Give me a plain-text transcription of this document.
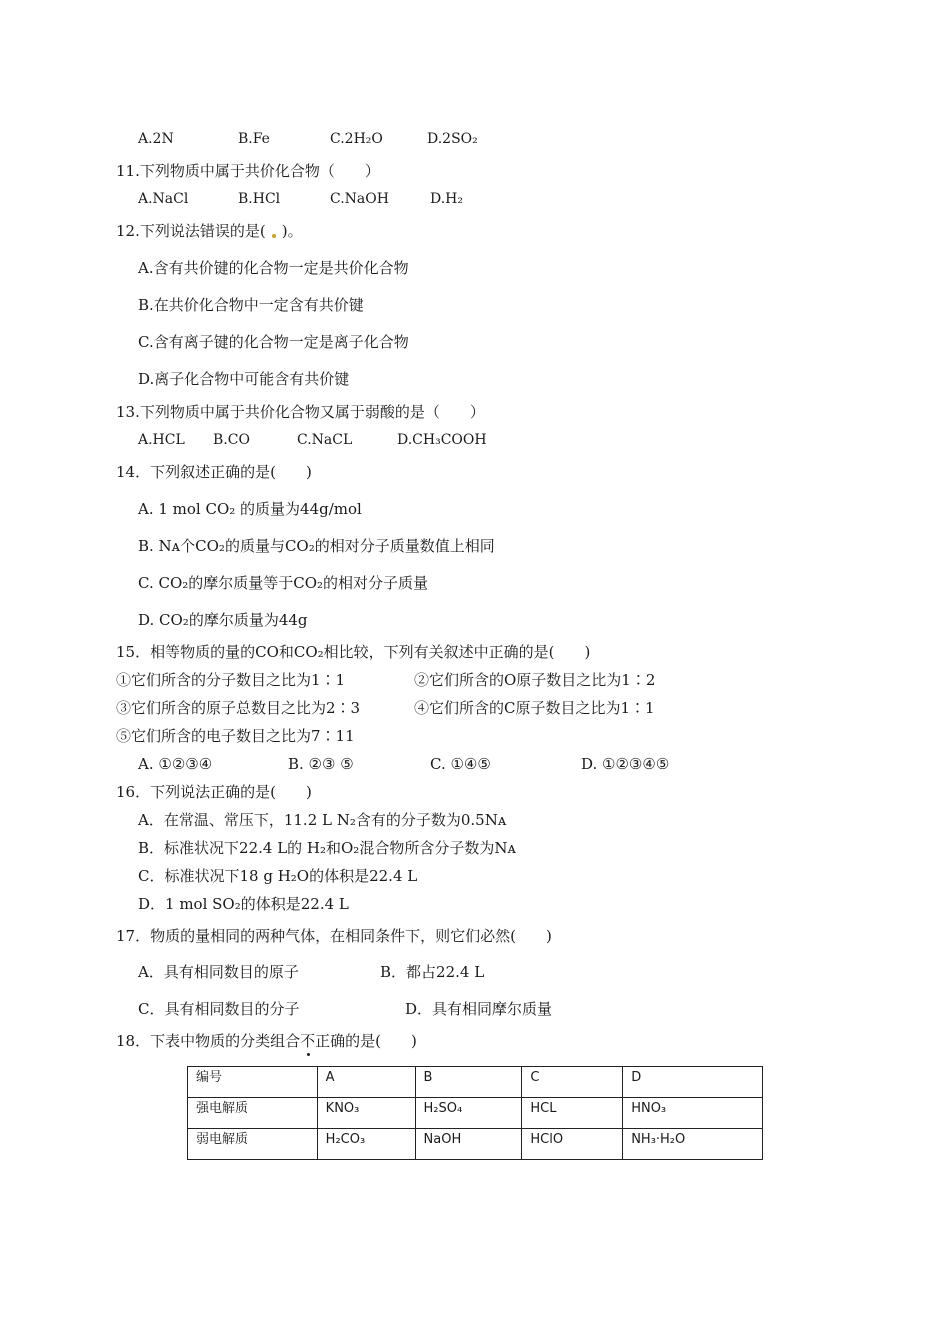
A.2N	B.Fe	C.2H₂O	D.2SO₂
11.下列物质中属于共价化合物（　　）
A.NaCl	B.HCl	C.NaOH	D.H₂
12.下列说法错误的是( )。
A.含有共价键的化合物一定是共价化合物
B.在共价化合物中一定含有共价键
C.含有离子键的化合物一定是离子化合物
D.离子化合物中可能含有共价键
13.下列物质中属于共价化合物又属于弱酸的是（　　）
A.HCL B.CO	C.NaCL	D.CH₃COOH
14．下列叙述正确的是(　　)
A. 1 mol CO₂ 的质量为44g/mol
B. Nᴀ个CO₂的质量与CO₂的相对分子质量数值上相同
C. CO₂的摩尔质量等于CO₂的相对分子质量
D. CO₂的摩尔质量为44g
15．相等物质的量的CO和CO₂相比较，下列有关叙述中正确的是(　　)
①它们所含的分子数目之比为1∶1	②它们所含的O原子数目之比为1∶2
③它们所含的原子总数目之比为2∶3	④它们所含的C原子数目之比为1∶1
⑤它们所含的电子数目之比为7∶11
A. ①②③④	B. ②③ ⑤	C. ①④⑤	D. ①②③④⑤
16．下列说法正确的是(　　)
A．在常温、常压下，11.2 L N₂含有的分子数为0.5Nᴀ
B．标准状况下22.4 L的 H₂和O₂混合物所含分子数为Nᴀ
C．标准状况下18 g H₂O的体积是22.4 L
D．1 mol SO₂的体积是22.4 L
17．物质的量相同的两种气体，在相同条件下，则它们必然(　　)
A．具有相同数目的原子	B．都占22.4 L
C．具有相同数目的分子	D．具有相同摩尔质量
18．下表中物质的分类组合不正确的是(　　)
编号	A	B	C	D
强电解质	KNO₃	H₂SO₄	HCL	HNO₃
弱电解质	H₂CO₃	NaOH	HClO	NH₃·H₂O
